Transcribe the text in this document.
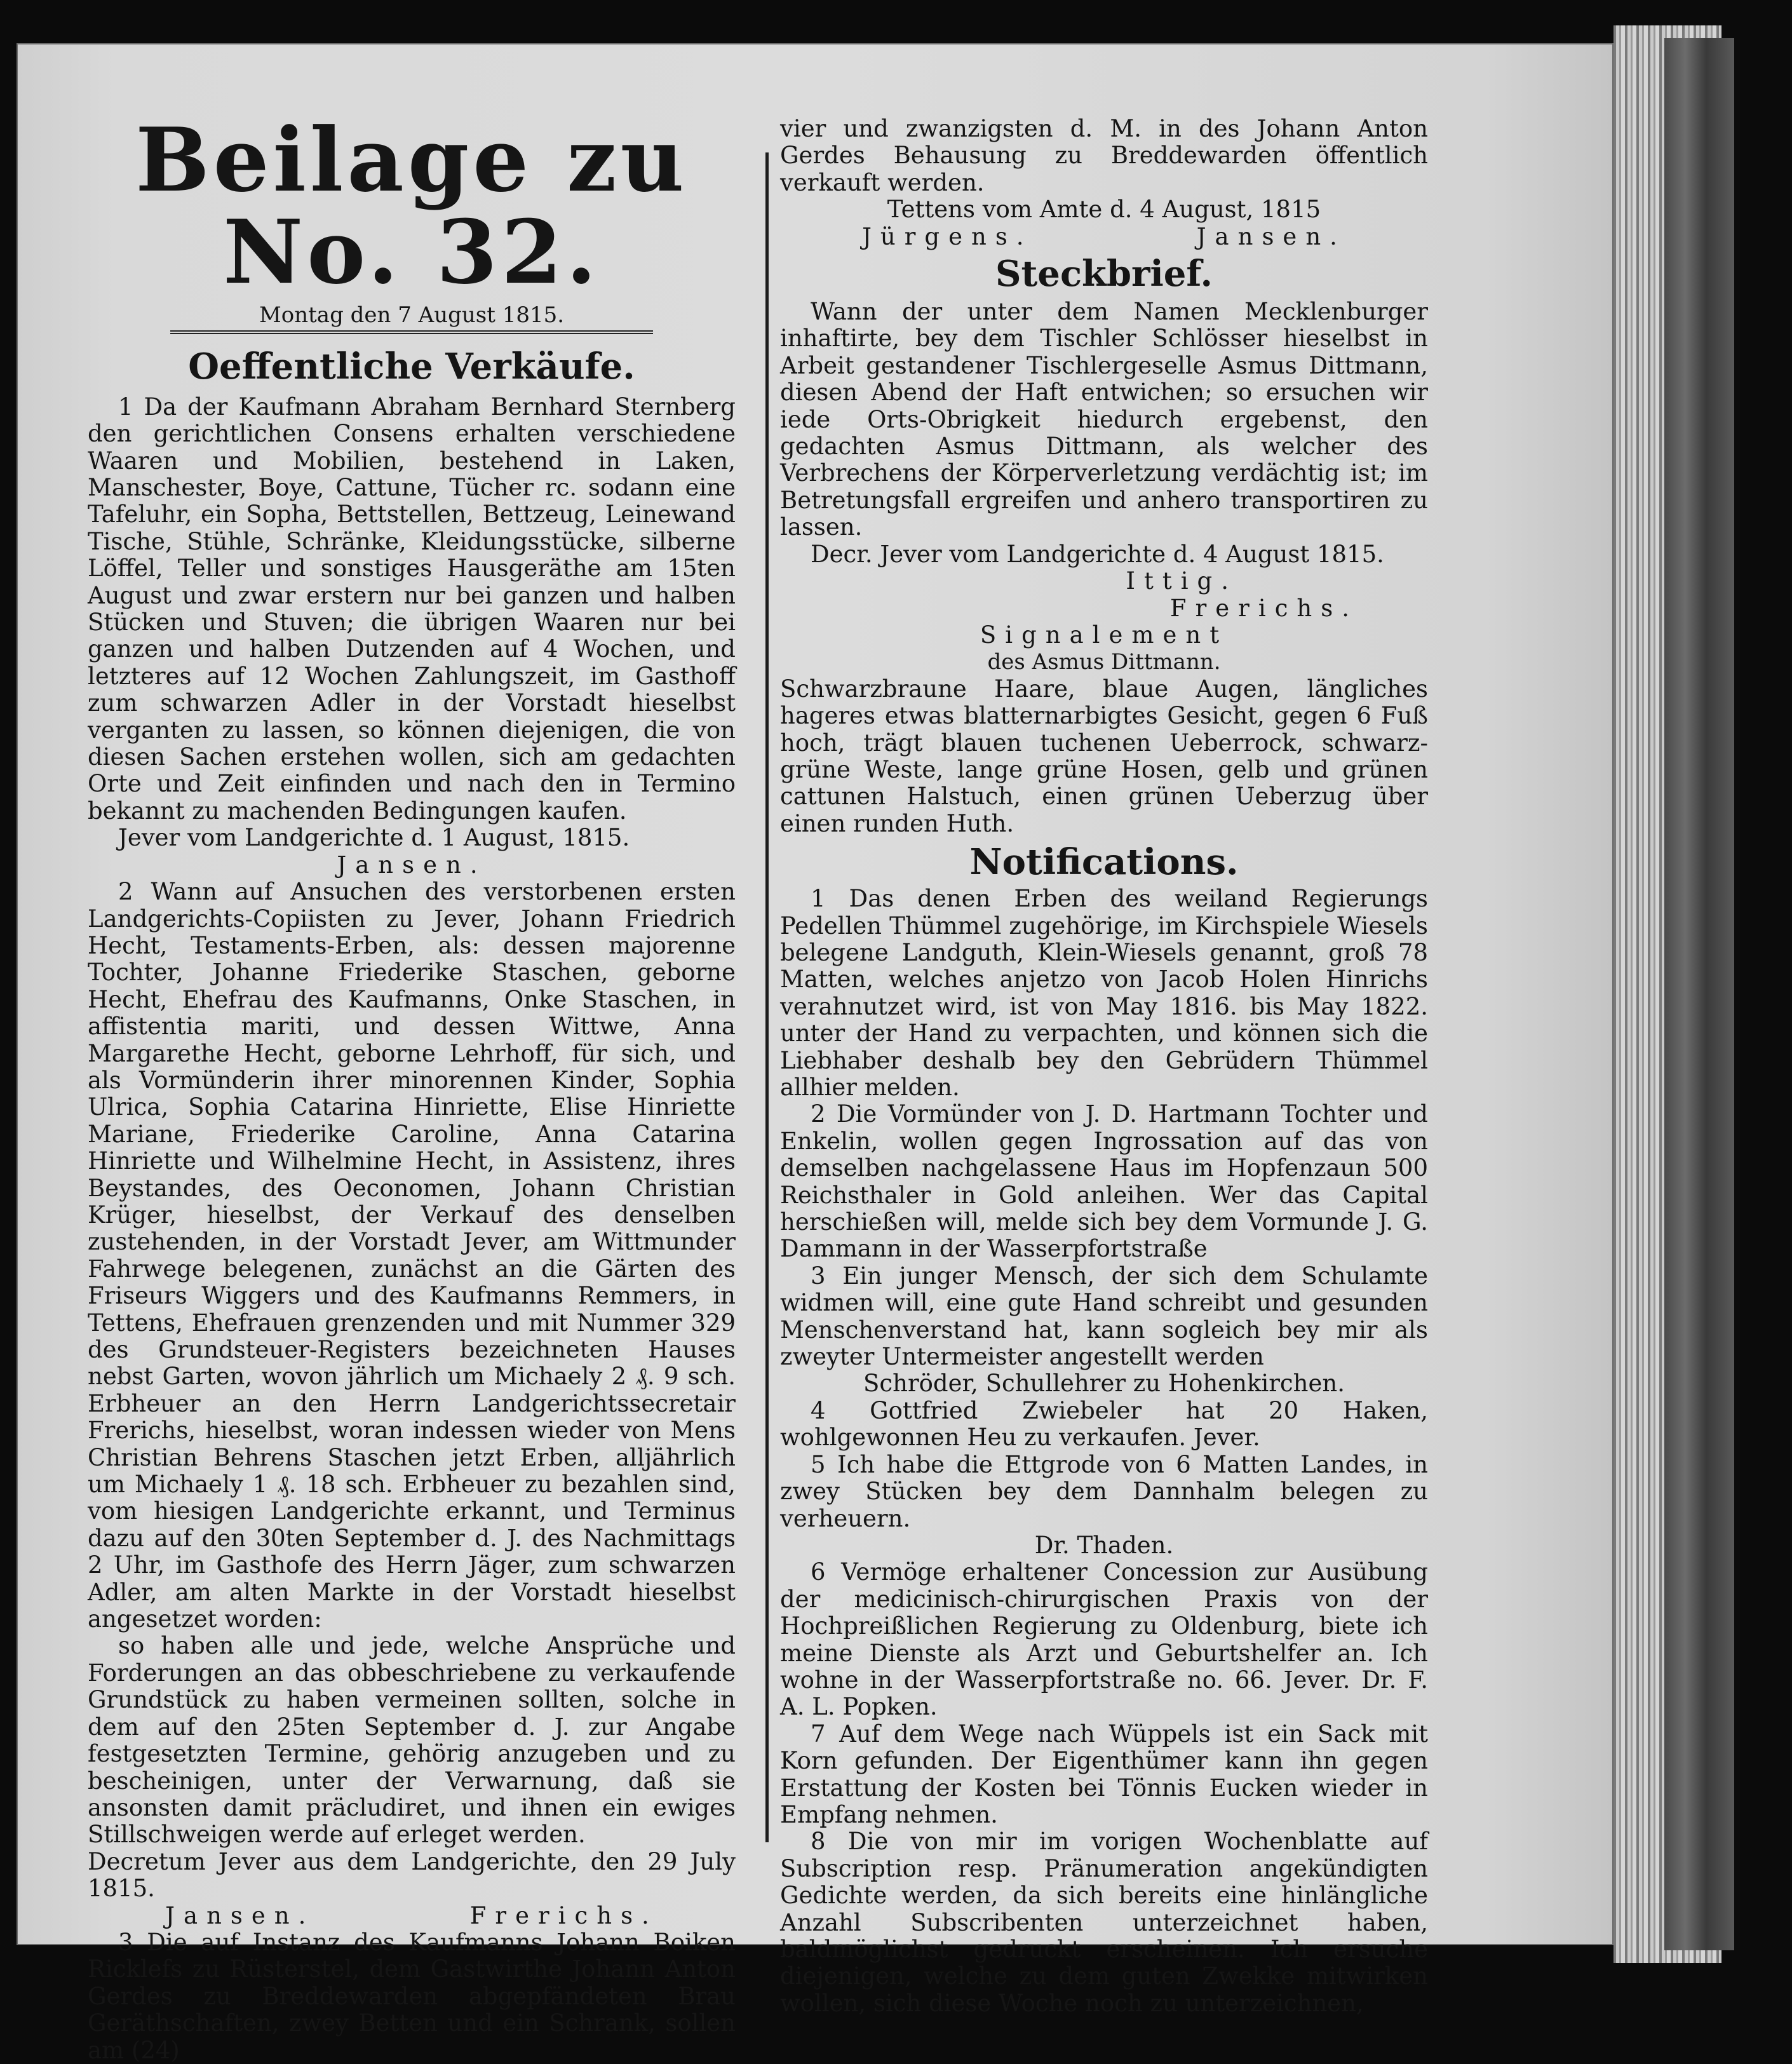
Beilage zu No. 32.
Montag den 7 August 1815.
Oeffentliche Verkäufe.

1 Da der Kaufmann Abraham Bernhard Sternberg den gerichtlichen Consens erhalten verschiedene Waaren und Mobilien, bestehend in Laken, Manschester, Boye, Cattune, Tücher rc. sodann eine Tafeluhr, ein Sopha, Bettstellen, Bettzeug, Leinewand Tische, Stühle, Schränke, Kleidungsstücke, silberne Löffel, Teller und sonstiges Hausgeräthe am 15ten August und zwar erstern nur bei ganzen und halben Stücken und Stuven; die übrigen Waaren nur bei ganzen und halben Dutzenden auf 4 Wochen, und letzteres auf 12 Wochen Zahlungszeit, im Gasthoff zum schwarzen Adler in der Vorstadt hieselbst verganten zu lassen, so können diejenigen, die von diesen Sachen erstehen wollen, sich am gedachten Orte und Zeit einfinden und nach den in Termino bekannt zu machenden Bedingungen kaufen.

Jever vom Landgerichte d. 1 August, 1815.

Jansen.

2 Wann auf Ansuchen des verstorbenen ersten Landgerichts-Copiisten zu Jever, Johann Friedrich Hecht, Testaments-Erben, als: dessen majorenne Tochter, Johanne Friederike Staschen, geborne Hecht, Ehefrau des Kaufmanns, Onke Staschen, in affistentia mariti, und dessen Wittwe, Anna Margarethe Hecht, geborne Lehrhoff, für sich, und als Vormünderin ihrer minorennen Kinder, Sophia Ulrica, Sophia Catarina Hinriette, Elise Hinriette Mariane, Friederike Caroline, Anna Catarina Hinriette und Wilhelmine Hecht, in Assistenz, ihres Beystandes, des Oeconomen, Johann Christian Krüger, hieselbst, der Verkauf des denselben zustehenden, in der Vorstadt Jever, am Wittmunder Fahrwege belegenen, zunächst an die Gärten des Friseurs Wiggers und des Kaufmanns Remmers, in Tettens, Ehefrauen grenzenden und mit Nummer 329 des Grundsteuer-Registers bezeichneten Hauses nebst Garten, wovon jährlich um Michaely 2 ₰. 9 sch. Erbheuer an den Herrn Landgerichtssecretair Frerichs, hieselbst, woran indessen wieder von Mens Christian Behrens Staschen jetzt Erben, alljährlich um Michaely 1 ₰. 18 sch. Erbheuer zu bezahlen sind, vom hiesigen Landgerichte erkannt, und Terminus dazu auf den 30ten September d. J. des Nachmittags 2 Uhr, im Gasthofe des Herrn Jäger, zum schwarzen Adler, am alten Markte in der Vorstadt hieselbst angesetzet worden:

so haben alle und jede, welche Ansprüche und Forderungen an das obbeschriebene zu verkaufende Grundstück zu haben vermeinen sollten, solche in dem auf den 25ten September d. J. zur Angabe festgesetzten Termine, gehörig anzugeben und zu bescheinigen, unter der Verwarnung, daß sie ansonsten damit präcludiret, und ihnen ein ewiges Stillschweigen werde auf erleget werden.

Decretum Jever aus dem Landgerichte, den 29 July 1815.

Jansen.	Frerichs.

3 Die auf Instanz des Kaufmanns Johann Boiken Ricklefs zu Rüsterstel, dem Gastwirthe Johann Anton Gerdes zu Breddewarden abgepfändeten Brau Geräthschaften, zwey Betten und ein Schrank, sollen am (24)

vier und zwanzigsten d. M. in des Johann Anton Gerdes Behausung zu Breddewarden öffentlich verkauft werden.

Tettens vom Amte d. 4 August, 1815

Jürgens.	Jansen.
Steckbrief.

Wann der unter dem Namen Mecklenburger inhaftirte, bey dem Tischler Schlösser hieselbst in Arbeit gestandener Tischlergeselle Asmus Dittmann, diesen Abend der Haft entwichen; so ersuchen wir iede Orts-Obrigkeit hiedurch ergebenst, den gedachten Asmus Dittmann, als welcher des Verbrechens der Körperverletzung verdächtig ist; im Betretungsfall ergreifen und anhero transportiren zu lassen.

Decr. Jever vom Landgerichte d. 4 August 1815.

Ittig.

Frerichs.

Signalement

des Asmus Dittmann.

Schwarzbraune Haare, blaue Augen, längliches hageres etwas blatternarbigtes Gesicht, gegen 6 Fuß hoch, trägt blauen tuchenen Ueberrock, schwarz-grüne Weste, lange grüne Hosen, gelb und grünen cattunen Halstuch, einen grünen Ueberzug über einen runden Huth.

Notifications.

1 Das denen Erben des weiland Regierungs Pedellen Thümmel zugehörige, im Kirchspiele Wiesels belegene Landguth, Klein-Wiesels genannt, groß 78 Matten, welches anjetzo von Jacob Holen Hinrichs verahnutzet wird, ist von May 1816. bis May 1822. unter der Hand zu verpachten, und können sich die Liebhaber deshalb bey den Gebrüdern Thümmel allhier melden.

2 Die Vormünder von J. D. Hartmann Tochter und Enkelin, wollen gegen Ingrossation auf das von demselben nachgelassene Haus im Hopfenzaun 500 Reichsthaler in Gold anleihen. Wer das Capital herschießen will, melde sich bey dem Vormunde J. G. Dammann in der Wasserpfortstraße

3 Ein junger Mensch, der sich dem Schulamte widmen will, eine gute Hand schreibt und gesunden Menschenverstand hat, kann sogleich bey mir als zweyter Untermeister angestellt werden

Schröder, Schullehrer zu Hohenkirchen.

4 Gottfried Zwiebeler hat 20 Haken, wohlgewonnen Heu zu verkaufen. Jever.

5 Ich habe die Ettgrode von 6 Matten Landes, in zwey Stücken bey dem Dannhalm belegen zu verheuern.

Dr. Thaden.

6 Vermöge erhaltener Concession zur Ausübung der medicinisch-chirurgischen Praxis von der Hochpreißlichen Regierung zu Oldenburg, biete ich meine Dienste als Arzt und Geburtshelfer an. Ich wohne in der Wasserpfortstraße no. 66. Jever. Dr. F. A. L. Popken.

7 Auf dem Wege nach Wüppels ist ein Sack mit Korn gefunden. Der Eigenthümer kann ihn gegen Erstattung der Kosten bei Tönnis Eucken wieder in Empfang nehmen.

8 Die von mir im vorigen Wochenblatte auf Subscription resp. Pränumeration angekündigten Gedichte werden, da sich bereits eine hinlängliche Anzahl Subscribenten unterzeichnet haben, baldmöglichst gedruckt erscheinen. Ich ersuche diejenigen, welche zu dem guten Zwekke mitwirken wollen, sich diese Woche noch zu unterzeichnen,
